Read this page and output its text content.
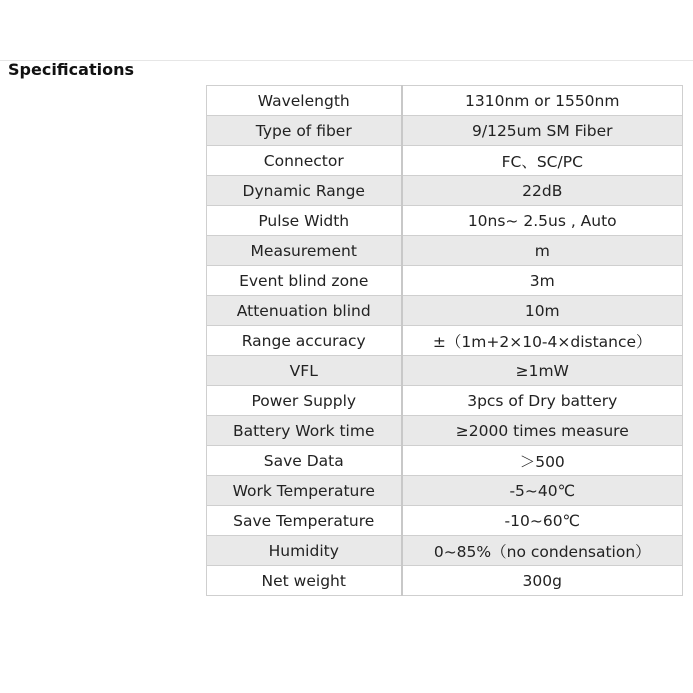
Specifications
Wavelength	1310nm or 1550nm
Type of fiber	9/125um SM Fiber
Connector	FC、SC/PC
Dynamic Range	22dB
Pulse Width	10ns~ 2.5us , Auto
Measurement	m
Event blind zone	3m
Attenuation blind	10m
Range accuracy	±（1m+2×10-4×distance）
VFL	≥1mW
Power Supply	3pcs of Dry battery
Battery Work time	≥2000 times measure
Save Data	＞500
Work Temperature	-5~40℃
Save Temperature	-10~60℃
Humidity	0~85%（no condensation）
Net weight	300g
